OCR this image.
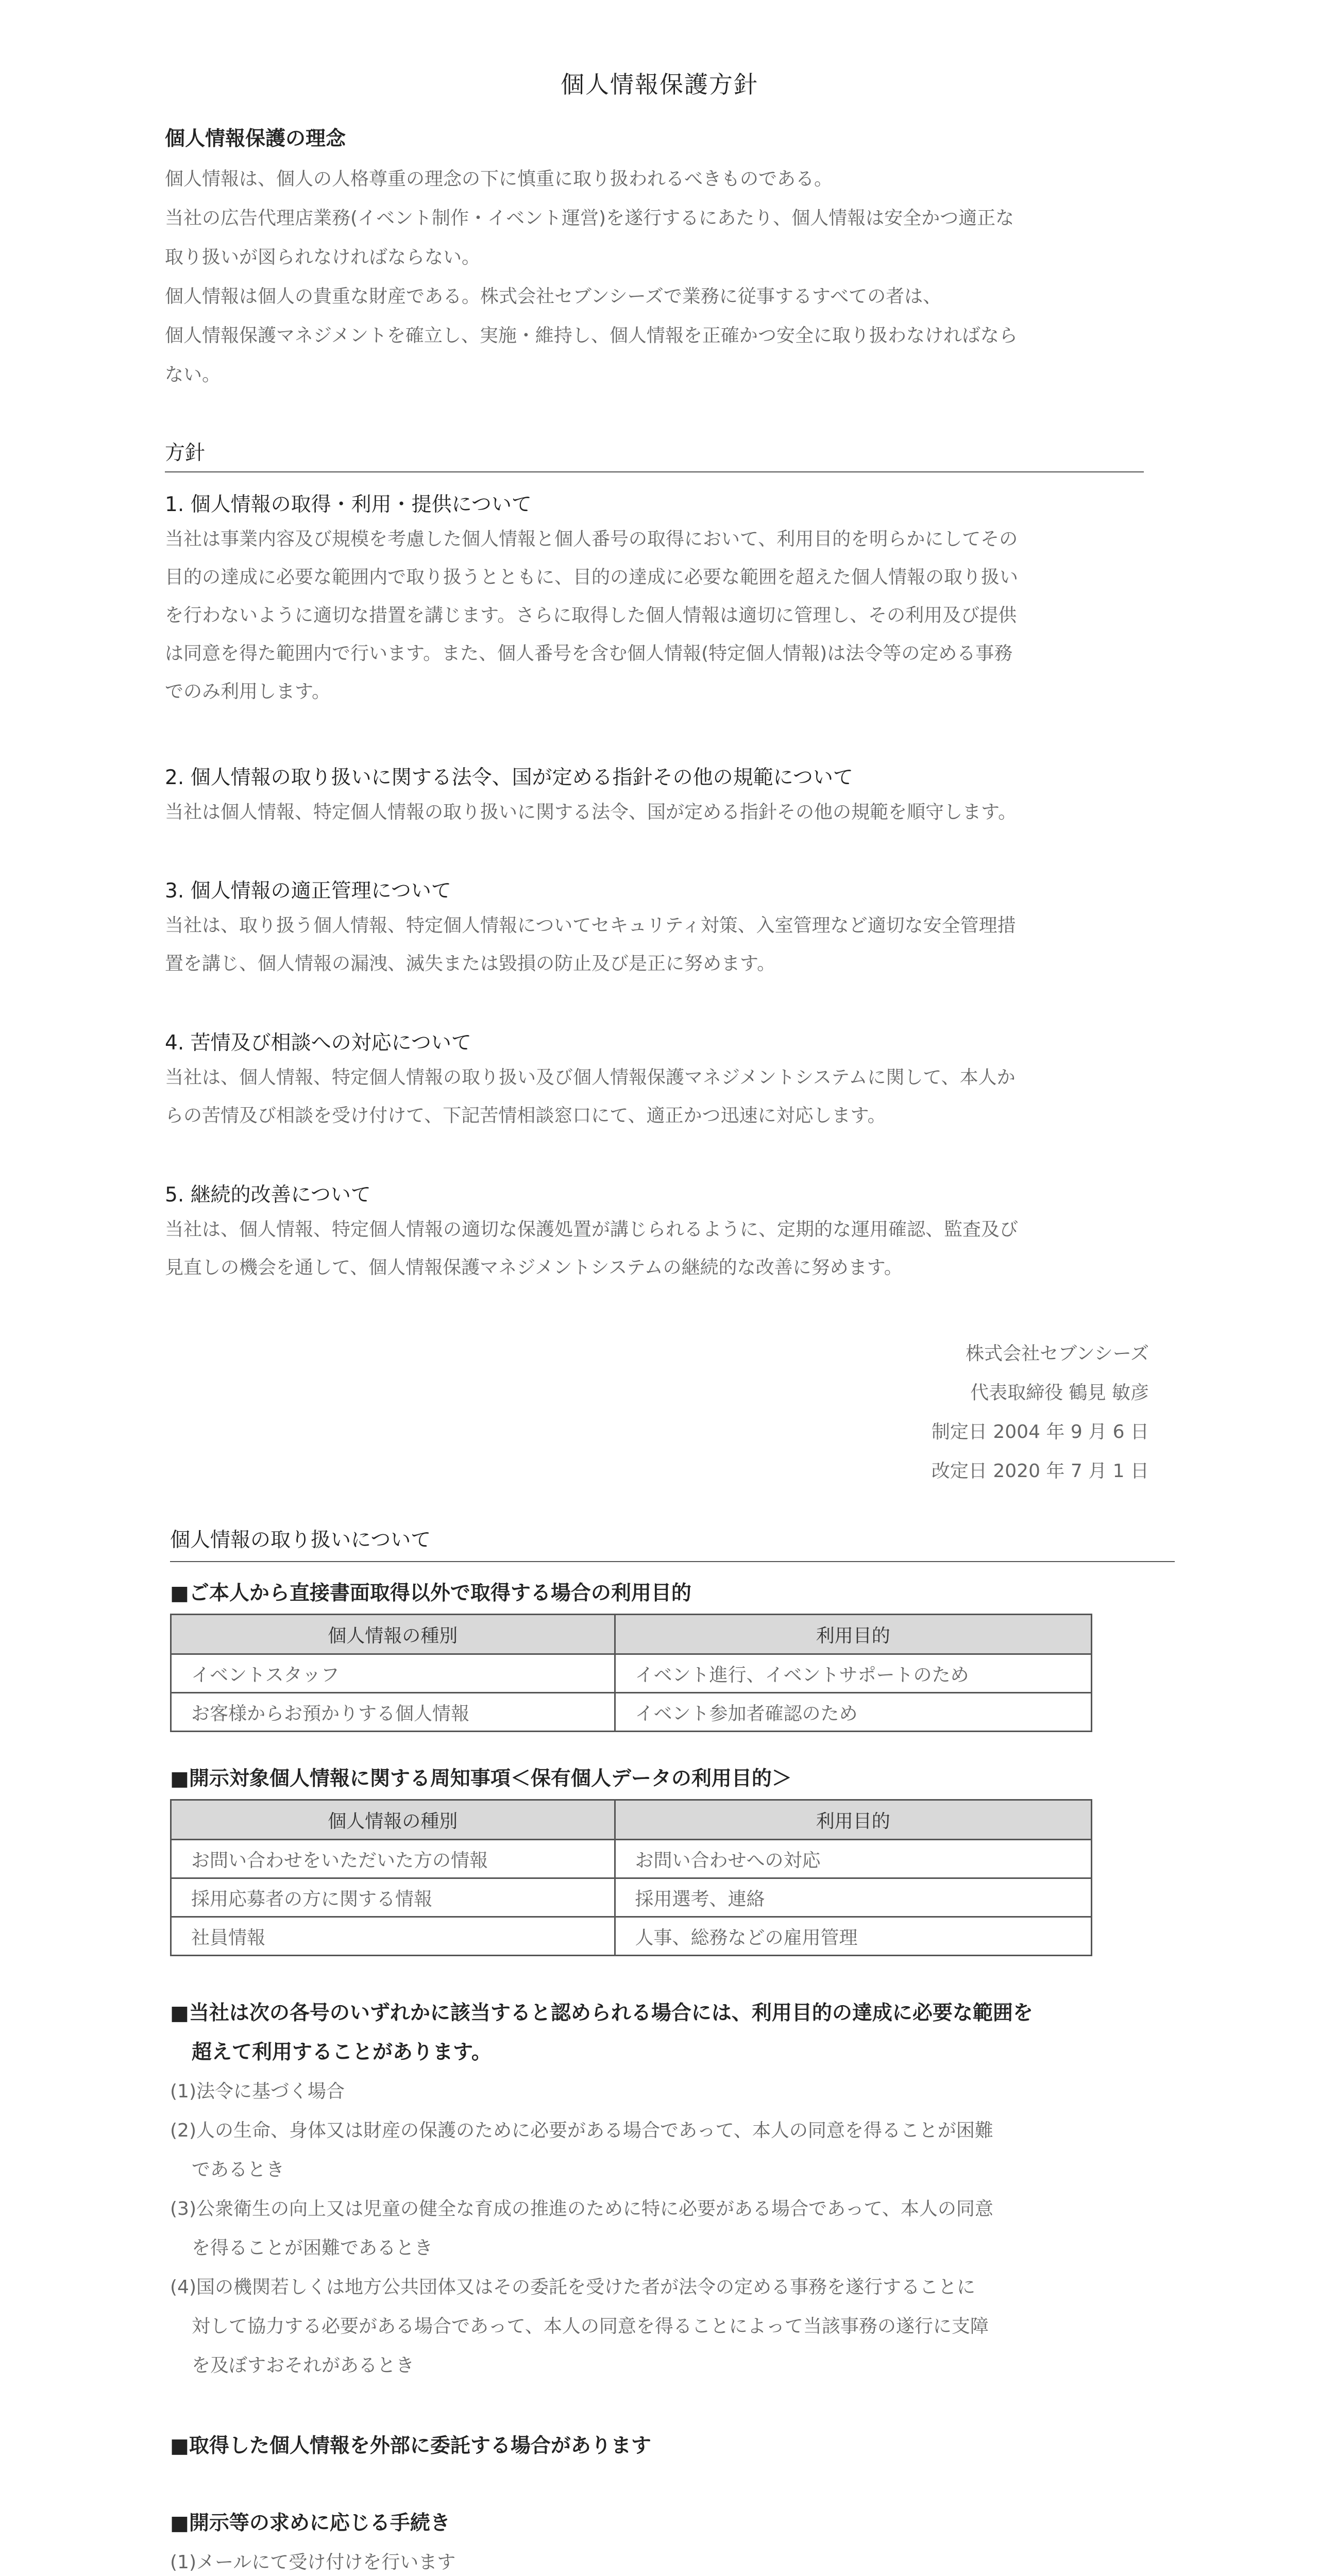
個人情報保護方針

個人情報保護の理念

個人情報は、個人の人格尊重の理念の下に慎重に取り扱われるべきものである。

当社の広告代理店業務(イベント制作・イベント運営)を遂行するにあたり、個人情報は安全かつ適正な

取り扱いが図られなければならない。

個人情報は個人の貴重な財産である。株式会社セブンシーズで業務に従事するすべての者は、

個人情報保護マネジメントを確立し、実施・維持し、個人情報を正確かつ安全に取り扱わなければなら

ない。

方針

1. 個人情報の取得・利用・提供について

当社は事業内容及び規模を考慮した個人情報と個人番号の取得において、利用目的を明らかにしてその

目的の達成に必要な範囲内で取り扱うとともに、目的の達成に必要な範囲を超えた個人情報の取り扱い

を行わないように適切な措置を講じます。さらに取得した個人情報は適切に管理し、その利用及び提供

は同意を得た範囲内で行います。また、個人番号を含む個人情報(特定個人情報)は法令等の定める事務

でのみ利用します。

2. 個人情報の取り扱いに関する法令、国が定める指針その他の規範について

当社は個人情報、特定個人情報の取り扱いに関する法令、国が定める指針その他の規範を順守します。

3. 個人情報の適正管理について

当社は、取り扱う個人情報、特定個人情報についてセキュリティ対策、入室管理など適切な安全管理措

置を講じ、個人情報の漏洩、滅失または毀損の防止及び是正に努めます。

4. 苦情及び相談への対応について

当社は、個人情報、特定個人情報の取り扱い及び個人情報保護マネジメントシステムに関して、本人か

らの苦情及び相談を受け付けて、下記苦情相談窓口にて、適正かつ迅速に対応します。

5. 継続的改善について

当社は、個人情報、特定個人情報の適切な保護処置が講じられるように、定期的な運用確認、監査及び

見直しの機会を通して、個人情報保護マネジメントシステムの継続的な改善に努めます。

株式会社セブンシーズ
代表取締役 鶴見 敏彦
制定日 2004 年 9 月 6 日
改定日 2020 年 7 月 1 日

個人情報の取り扱いについて

■ご本人から直接書面取得以外で取得する場合の利用目的

個人情報の種別	利用目的
イベントスタッフ	イベント進行、イベントサポートのため
お客様からお預かりする個人情報	イベント参加者確認のため

■開示対象個人情報に関する周知事項＜保有個人データの利用目的＞

個人情報の種別	利用目的
お問い合わせをいただいた方の情報	お問い合わせへの対応
採用応募者の方に関する情報	採用選考、連絡
社員情報	人事、総務などの雇用管理

■当社は次の各号のいずれかに該当すると認められる場合には、利用目的の達成に必要な範囲を

超えて利用することがあります。

(1)法令に基づく場合

(2)人の生命、身体又は財産の保護のために必要がある場合であって、本人の同意を得ることが困難

であるとき

(3)公衆衛生の向上又は児童の健全な育成の推進のために特に必要がある場合であって、本人の同意

を得ることが困難であるとき

(4)国の機関若しくは地方公共団体又はその委託を受けた者が法令の定める事務を遂行することに

対して協力する必要がある場合であって、本人の同意を得ることによって当該事務の遂行に支障

を及ぼすおそれがあるとき

■取得した個人情報を外部に委託する場合があります

■開示等の求めに応じる手続き

(1)メールにて受け付けを行います
